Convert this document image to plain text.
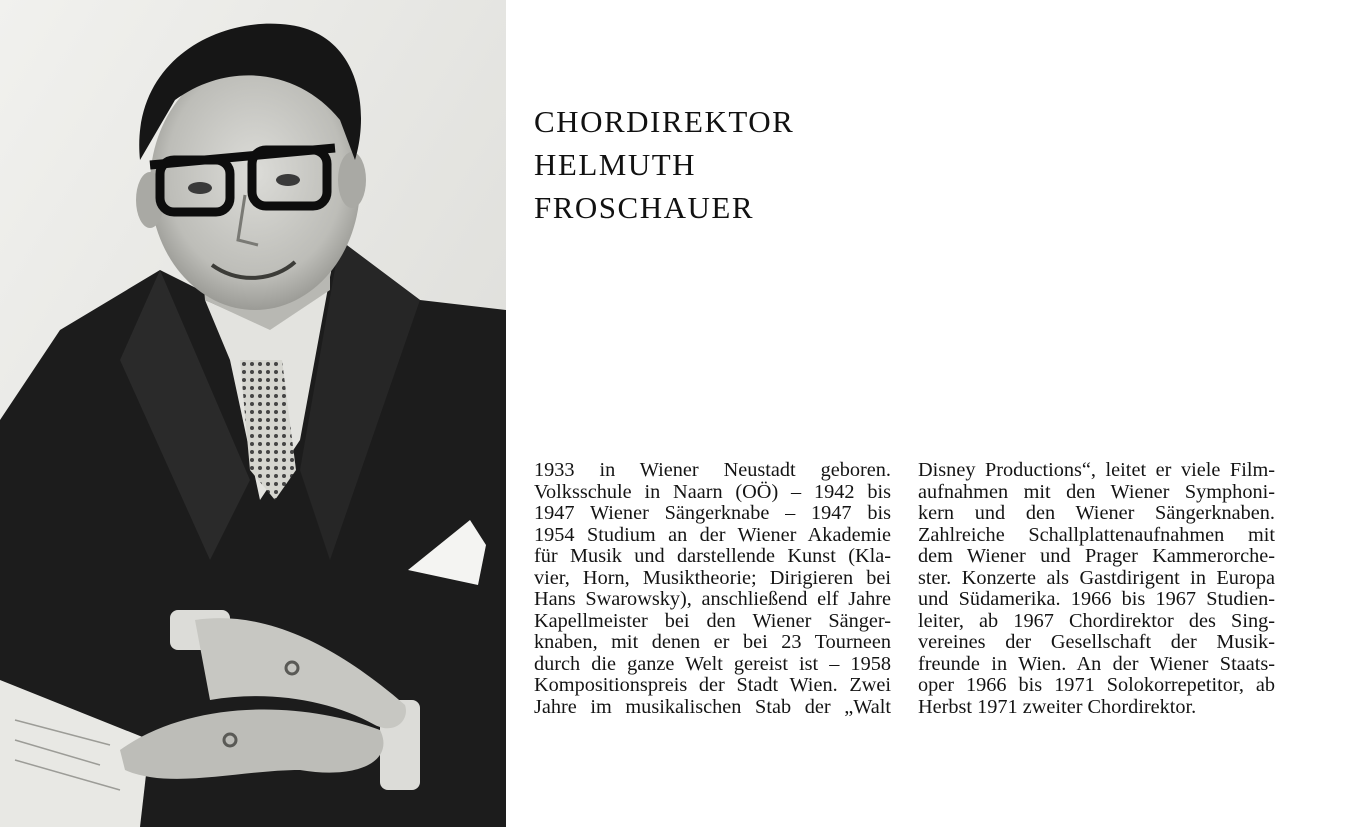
CHORDIREKTOR
HELMUTH
FROSCHAUER
1933 in Wiener Neustadt geboren.
Volksschule in Naarn (OÖ) – 1942 bis
1947 Wiener Sängerknabe – 1947 bis
1954 Studium an der Wiener Akademie
für Musik und darstellende Kunst (Kla-
vier, Horn, Musiktheorie; Dirigieren bei
Hans Swarowsky), anschließend elf Jahre
Kapellmeister bei den Wiener Sänger-
knaben, mit denen er bei 23 Tourneen
durch die ganze Welt gereist ist – 1958
Kompositionspreis der Stadt Wien. Zwei
Jahre im musikalischen Stab der „Walt
Disney Productions“, leitet er viele Film-
aufnahmen mit den Wiener Symphoni-
kern und den Wiener Sängerknaben.
Zahlreiche Schallplattenaufnahmen mit
dem Wiener und Prager Kammerorche-
ster. Konzerte als Gastdirigent in Europa
und Südamerika. 1966 bis 1967 Studien-
leiter, ab 1967 Chordirektor des Sing-
vereines der Gesellschaft der Musik-
freunde in Wien. An der Wiener Staats-
oper 1966 bis 1971 Solokorrepetitor, ab
Herbst 1971 zweiter Chordirektor.
